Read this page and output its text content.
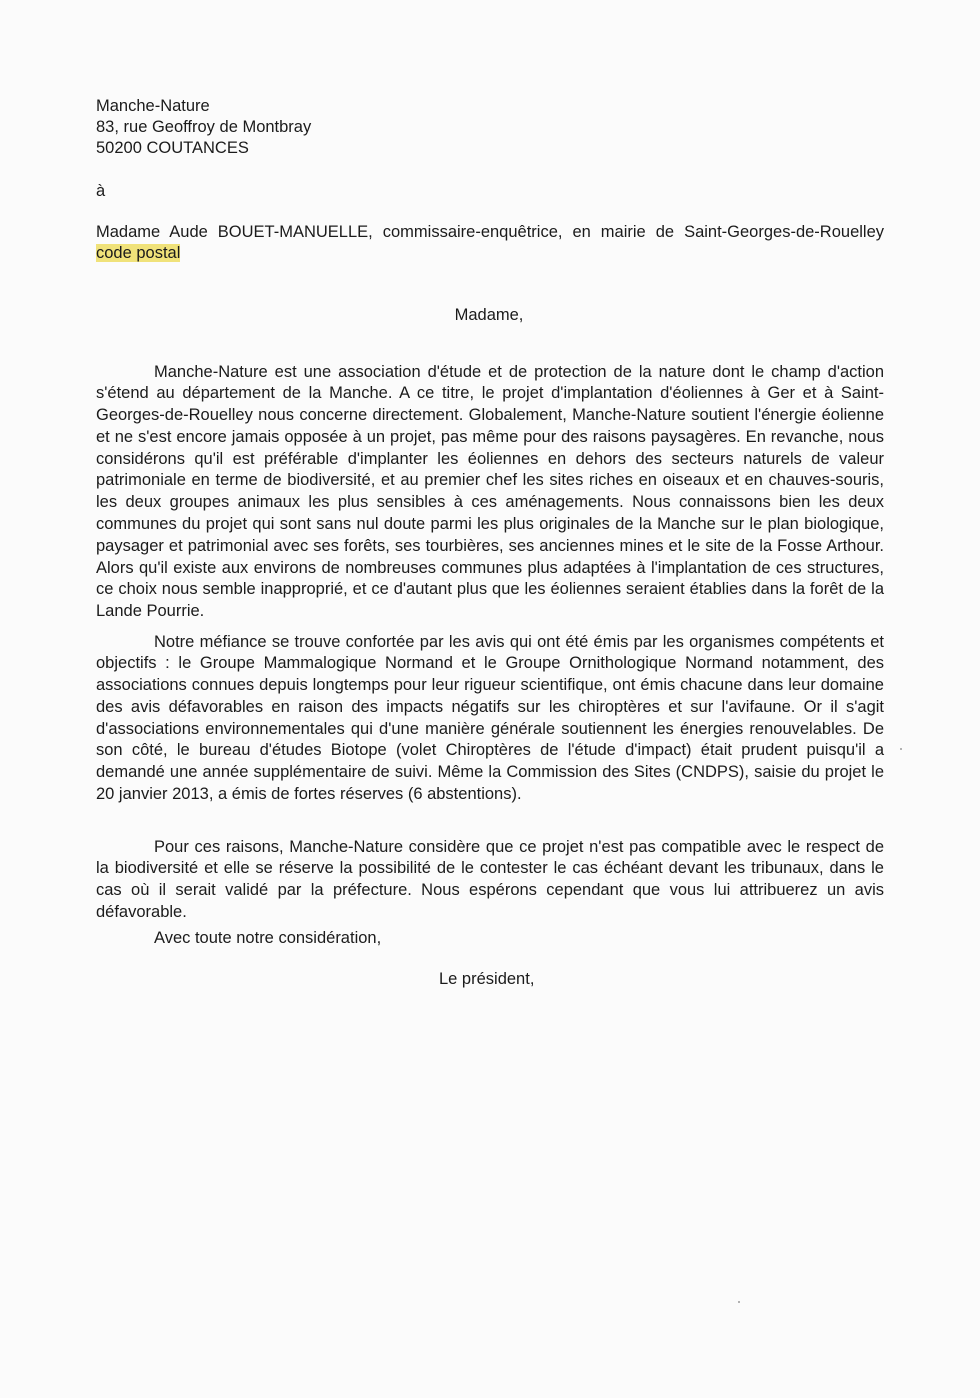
Manche-Nature
83, rue Geoffroy de Montbray
50200 COUTANCES
à
Madame Aude BOUET-MANUELLE, commissaire-enquêtrice, en mairie de Saint-Georges-de-Rouelley code postal
Madame,

Manche-Nature est une association d'étude et de protection de la nature dont le champ d'action s'étend au département de la Manche. A ce titre, le projet d'implantation d'éoliennes à Ger et à Saint-Georges-de-Rouelley nous concerne directement. Globalement, Manche-Nature soutient l'énergie éolienne et ne s'est encore jamais opposée à un projet, pas même pour des raisons paysagères. En revanche, nous considérons qu'il est préférable d'implanter les éoliennes en dehors des secteurs naturels de valeur patrimoniale en terme de biodiversité, et au premier chef les sites riches en oiseaux et en chauves-souris, les deux groupes animaux les plus sensibles à ces aménagements. Nous connaissons bien les deux communes du projet qui sont sans nul doute parmi les plus originales de la Manche sur le plan biologique, paysager et patrimonial avec ses forêts, ses tourbières, ses anciennes mines et le site de la Fosse Arthour. Alors qu'il existe aux environs de nombreuses communes plus adaptées à l'implantation de ces structures, ce choix nous semble inapproprié, et ce d'autant plus que les éoliennes seraient établies dans la forêt de la Lande Pourrie.

Notre méfiance se trouve confortée par les avis qui ont été émis par les organismes compétents et objectifs : le Groupe Mammalogique Normand et le Groupe Ornithologique Normand notamment, des associations connues depuis longtemps pour leur rigueur scientifique, ont émis chacune dans leur domaine des avis défavorables en raison des impacts négatifs sur les chiroptères et sur l'avifaune. Or il s'agit d'associations environnementales qui d'une manière générale soutiennent les énergies renouvelables. De son côté, le bureau d'études Biotope (volet Chiroptères de l'étude d'impact) était prudent puisqu'il a demandé une année supplémentaire de suivi. Même la Commission des Sites (CNDPS), saisie du projet le 20 janvier 2013, a émis de fortes réserves (6 abstentions).

Pour ces raisons, Manche-Nature considère que ce projet n'est pas compatible avec le respect de la biodiversité et elle se réserve la possibilité de le contester le cas échéant devant les tribunaux, dans le cas où il serait validé par la préfecture. Nous espérons cependant que vous lui attribuerez un avis défavorable.

Avec toute notre considération,
Le président,
